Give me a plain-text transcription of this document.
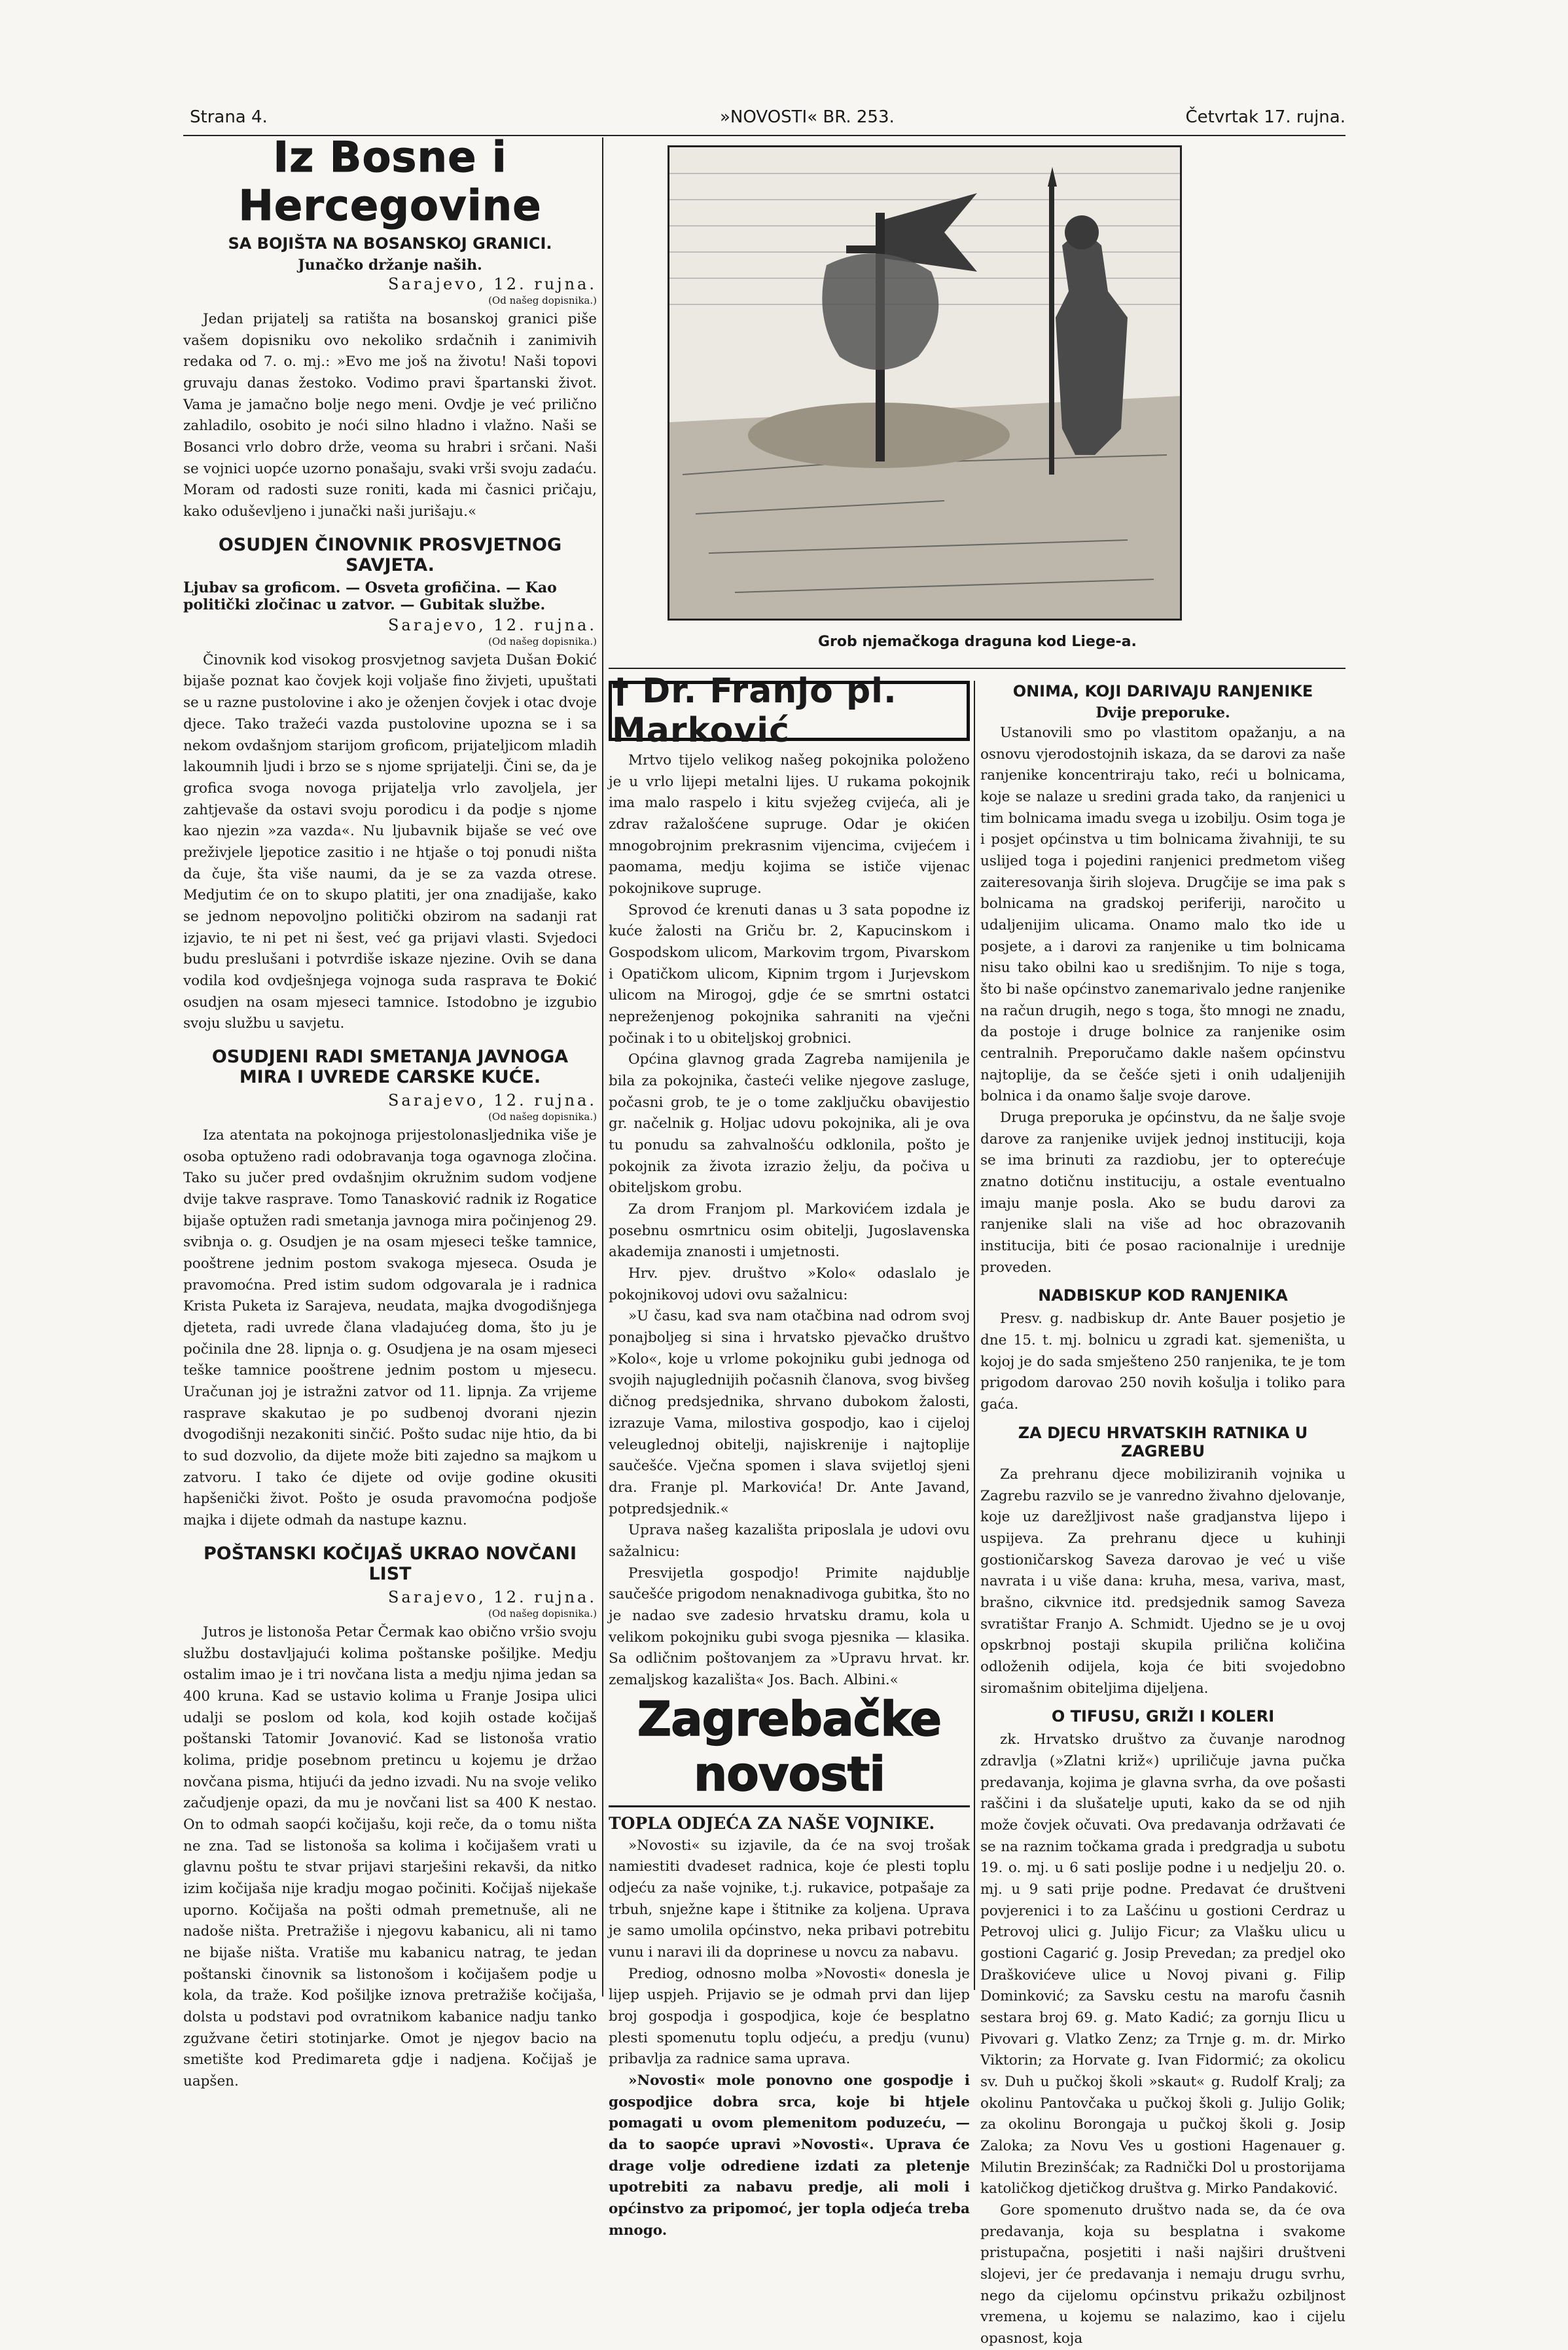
Strana 4.	»NOVOSTI« BR. 253.	Četvrtak 17. rujna.
Iz Bosne i Hercegovine
SA BOJIŠTA NA BOSANSKOJ GRANICI.
Junačko držanje naših.
Sarajevo, 12. rujna.
(Od našeg dopisnika.)

Jedan prijatelj sa ratišta na bosanskoj granici piše vašem dopisniku ovo nekoliko srdačnih i zanimivih redaka od 7. o. mj.: »Evo me još na životu! Naši topovi gruvaju danas žestoko. Vodimo pravi špartanski život. Vama je jamačno bolje nego meni. Ovdje je već prilično zahladilo, osobito je noći silno hladno i vlažno. Naši se Bosanci vrlo dobro drže, veoma su hrabri i srčani. Naši se vojnici uopće uzorno ponašaju, svaki vrši svoju zadaću. Moram od radosti suze roniti, kada mi časnici pričaju, kako oduševljeno i junački naši jurišaju.«

OSUDJEN ČINOVNIK PROSVJETNOG SAVJETA.
Ljubav sa groficom. — Osveta grofičina. — Kao politički zločinac u zatvor. — Gubitak službe.
Sarajevo, 12. rujna.
(Od našeg dopisnika.)

Činovnik kod visokog prosvjetnog savjeta Dušan Đokić bijaše poznat kao čovjek koji voljaše fino živjeti, upuštati se u razne pustolovine i ako je oženjen čovjek i otac dvoje djece. Tako tražeći vazda pustolovine upozna se i sa nekom ovdašnjom starijom groficom, prijateljicom mladih lakoumnih ljudi i brzo se s njome sprijatelji. Čini se, da je grofica svoga novoga prijatelja vrlo zavoljela, jer zahtjevaše da ostavi svoju porodicu i da podje s njome kao njezin »za vazda«. Nu ljubavnik bijaše se već ove preživjele ljepotice zasitio i ne htjaše o toj ponudi ništa da čuje, šta više naumi, da je se za vazda otrese. Medjutim će on to skupo platiti, jer ona znadijaše, kako se jednom nepovoljno politički obzirom na sadanji rat izjavio, te ni pet ni šest, već ga prijavi vlasti. Svjedoci budu preslušani i potvrdiše iskaze njezine. Ovih se dana vodila kod ovdješnjega vojnoga suda rasprava te Đokić osudjen na osam mjeseci tamnice. Istodobno je izgubio svoju službu u savjetu.

OSUDJENI RADI SMETANJA JAVNOGA MIRA I UVREDE CARSKE KUĆE.
Sarajevo, 12. rujna.
(Od našeg dopisnika.)

Iza atentata na pokojnoga prijestolonasljednika više je osoba optuženo radi odobravanja toga ogavnoga zločina. Tako su jučer pred ovdašnjim okružnim sudom vodjene dvije takve rasprave. Tomo Tanasković radnik iz Rogatice bijaše optužen radi smetanja javnoga mira počinjenog 29. svibnja o. g. Osudjen je na osam mjeseci teške tamnice, pooštrene jednim postom svakoga mjeseca. Osuda je pravomoćna. Pred istim sudom odgovarala je i radnica Krista Puketa iz Sarajeva, neudata, majka dvogodišnjega djeteta, radi uvrede člana vladajućeg doma, što ju je počinila dne 28. lipnja o. g. Osudjena je na osam mjeseci teške tamnice pooštrene jednim postom u mjesecu. Uračunan joj je istražni zatvor od 11. lipnja. Za vrijeme rasprave skakutao je po sudbenoj dvorani njezin dvogodišnji nezakoniti sinčić. Pošto sudac nije htio, da bi to sud dozvolio, da dijete može biti zajedno sa majkom u zatvoru. I tako će dijete od ovije godine okusiti hapšenički život. Pošto je osuda pravomoćna podjoše majka i dijete odmah da nastupe kaznu.

POŠTANSKI KOČIJAŠ UKRAO NOVČANI LIST
Sarajevo, 12. rujna.
(Od našeg dopisnika.)

Jutros je listonoša Petar Čermak kao obično vršio svoju službu dostavljajući kolima poštanske pošiljke. Medju ostalim imao je i tri novčana lista a medju njima jedan sa 400 kruna. Kad se ustavio kolima u Franje Josipa ulici udalji se poslom od kola, kod kojih ostade kočijaš poštanski Tatomir Jovanović. Kad se listonoša vratio kolima, pridje posebnom pretincu u kojemu je držao novčana pisma, htijući da jedno izvadi. Nu na svoje veliko začudjenje opazi, da mu je novčani list sa 400 K nestao. On to odmah saopći kočijašu, koji reče, da o tomu ništa ne zna. Tad se listonoša sa kolima i kočijašem vrati u glavnu poštu te stvar prijavi starješini rekavši, da nitko izim kočijaša nije kradju mogao počiniti. Kočijaš nijekaše uporno. Kočijaša na pošti odmah premetnuše, ali ne nadoše ništa. Pretražiše i njegovu kabanicu, ali ni tamo ne bijaše ništa. Vratiše mu kabanicu natrag, te jedan poštanski činovnik sa listonošom i kočijašem podje u kola, da traže. Kod pošiljke iznova pretražiše kočijaša, dolsta u podstavi pod ovratnikom kabanice nadju tanko zgužvane četiri stotinjarke. Omot je njegov bacio na smetište kod Predimareta gdje i nadjena. Kočijaš je uapšen.

Grob njemačkoga draguna kod Liege-a.
† Dr. Franjo pl. Marković

Mrtvo tijelo velikog našeg pokojnika položeno je u vrlo lijepi metalni lijes. U rukama pokojnik ima malo raspelo i kitu svježeg cvijeća, ali je zdrav ražalošćene supruge. Odar je okićen mnogobrojnim prekrasnim vijencima, cvijećem i paomama, medju kojima se ističe vijenac pokojnikove supruge.

Sprovod će krenuti danas u 3 sata popodne iz kuće žalosti na Griču br. 2, Kapucinskom i Gospodskom ulicom, Markovim trgom, Pivarskom i Opatičkom ulicom, Kipnim trgom i Jurjevskom ulicom na Mirogoj, gdje će se smrtni ostatci nepreženjenog pokojnika sahraniti na vječni počinak i to u obiteljskoj grobnici.

Općina glavnog grada Zagreba namijenila je bila za pokojnika, časteći velike njegove zasluge, počasni grob, te je o tome zaključku obavijestio gr. načelnik g. Holjac udovu pokojnika, ali je ova tu ponudu sa zahvalnošću odklonila, pošto je pokojnik za života izrazio želju, da počiva u obiteljskom grobu.

Za drom Franjom pl. Markovićem izdala je posebnu osmrtnicu osim obitelji, Jugoslavenska akademija znanosti i umjetnosti.

Hrv. pjev. društvo »Kolo« odaslalo je pokojnikovoj udovi ovu sažalnicu:

»U času, kad sva nam otačbina nad odrom svoj ponajboljeg si sina i hrvatsko pjevačko društvo »Kolo«, koje u vrlome pokojniku gubi jednoga od svojih najuglednijih počasnih članova, svog bivšeg dičnog predsjednika, shrvano dubokom žalosti, izrazuje Vama, milostiva gospodjo, kao i cijeloj veleuglednoj obitelji, najiskrenije i najtoplije saučešće. Vječna spomen i slava svijetloj sjeni dra. Franje pl. Markovića! Dr. Ante Javand, potpredsjednik.«

Uprava našeg kazališta priposlala je udovi ovu sažalnicu:

Presvijetla gospodjo! Primite najdublje saučešće prigodom nenaknadivoga gubitka, što no je nadao sve zadesio hrvatsku dramu, kola u velikom pokojniku gubi svoga pjesnika — klasika. Sa odličnim poštovanjem za »Upravu hrvat. kr. zemaljskog kazališta« Jos. Bach. Albini.«

Zagrebačke novosti
TOPLA ODJEĆA ZA NAŠE VOJNIKE.

»Novosti« su izjavile, da će na svoj trošak namiestiti dvadeset radnica, koje će plesti toplu odjeću za naše vojnike, t.j. rukavice, potpašaje za trbuh, snježne kape i štitnike za koljena. Uprava je samo umolila općinstvo, neka pribavi potrebitu vunu i naravi ili da doprinese u novcu za nabavu.

Prediog, odnosno molba »Novosti« donesla je lijep uspjeh. Prijavio se je odmah prvi dan lijep broj gospodja i gospodjica, koje će besplatno plesti spomenutu toplu odjeću, a predju (vunu) pribavlja za radnice sama uprava.

»Novosti« mole ponovno one gospodje i gospodjice dobra srca, koje bi htjele pomagati u ovom plemenitom poduzeću, — da to saopće upravi »Novosti«. Uprava će drage volje odrediene izdati za pletenje upotrebiti za nabavu predje, ali moli i općinstvo za pripomoć, jer topla odjeća treba mnogo.

ONIMA, KOJI DARIVAJU RANJENIKE
Dvije preporuke.

Ustanovili smo po vlastitom opažanju, a na osnovu vjerodostojnih iskaza, da se darovi za naše ranjenike koncentriraju tako, reći u bolnicama, koje se nalaze u sredini grada tako, da ranjenici u tim bolnicama imadu svega u izobilju. Osim toga je i posjet općinstva u tim bolnicama živahniji, te su uslijed toga i pojedini ranjenici predmetom višeg zaiteresovanja širih slojeva. Drugčije se ima pak s bolnicama na gradskoj periferiji, naročito u udaljenijim ulicama. Onamo malo tko ide u posjete, a i darovi za ranjenike u tim bolnicama nisu tako obilni kao u središnjim. To nije s toga, što bi naše općinstvo zanemarivalo jedne ranjenike na račun drugih, nego s toga, što mnogi ne znadu, da postoje i druge bolnice za ranjenike osim centralnih. Preporučamo dakle našem općinstvu najtoplije, da se češće sjeti i onih udaljenijih bolnica i da onamo šalje svoje darove.

Druga preporuka je općinstvu, da ne šalje svoje darove za ranjenike uvijek jednoj instituciji, koja se ima brinuti za razdiobu, jer to opterećuje znatno dotičnu instituciju, a ostale eventualno imaju manje posla. Ako se budu darovi za ranjenike slali na više ad hoc obrazovanih institucija, biti će posao racionalnije i urednije proveden.

NADBISKUP KOD RANJENIKA

Presv. g. nadbiskup dr. Ante Bauer posjetio je dne 15. t. mj. bolnicu u zgradi kat. sjemeništa, u kojoj je do sada smješteno 250 ranjenika, te je tom prigodom darovao 250 novih košulja i toliko para gaća.

ZA DJECU HRVATSKIH RATNIKA U ZAGREBU

Za prehranu djece mobiliziranih vojnika u Zagrebu razvilo se je vanredno živahno djelovanje, koje uz darežljivost naše gradjanstva lijepo i uspijeva. Za prehranu djece u kuhinji gostioničarskog Saveza darovao je već u više navrata i u više dana: kruha, mesa, variva, mast, brašno, cikvnice itd. predsjednik samog Saveza svratištar Franjo A. Schmidt. Ujedno se je u ovoj opskrbnoj postaji skupila prilična količina odloženih odijela, koja će biti svojedobno siromašnim obiteljima dijeljena.

O TIFUSU, GRIŽI I KOLERI

zk. Hrvatsko društvo za čuvanje narodnog zdravlja (»Zlatni križ«) upriličuje javna pučka predavanja, kojima je glavna svrha, da ove pošasti raščini i da slušatelje uputi, kako da se od njih može čovjek očuvati. Ova predavanja održavati će se na raznim točkama grada i predgradja u subotu 19. o. mj. u 6 sati poslije podne i u nedjelju 20. o. mj. u 9 sati prije podne. Predavat će društveni povjerenici i to za Lašćinu u gostioni Cerdraz u Petrovoj ulici g. Julijo Ficur; za Vlašku ulicu u gostioni Cagarić g. Josip Prevedan; za predjel oko Draškovićeve ulice u Novoj pivani g. Filip Dominković; za Savsku cestu na marofu časnih sestara broj 69. g. Mato Kadić; za gornju Ilicu u Pivovari g. Vlatko Zenz; za Trnje g. m. dr. Mirko Viktorin; za Horvate g. Ivan Fidormić; za okolicu sv. Duh u pučkoj školi »skaut« g. Rudolf Kralj; za okolinu Pantovčaka u pučkoj školi g. Julijo Golik; za okolinu Borongaja u pučkoj školi g. Josip Zaloka; za Novu Ves u gostioni Hagenauer g. Milutin Brezinšćak; za Radnički Dol u prostorijama katoličkog djetičkog društva g. Mirko Pandaković.

Gore spomenuto društvo nada se, da će ova predavanja, koja su besplatna i svakome pristupačna, posjetiti i naši najširi društveni slojevi, jer će predavanja i nemaju drugu svrhu, nego da cijelomu općinstvu prikažu ozbiljnost vremena, u kojemu se nalazimo, kao i cijelu opasnost, koja
